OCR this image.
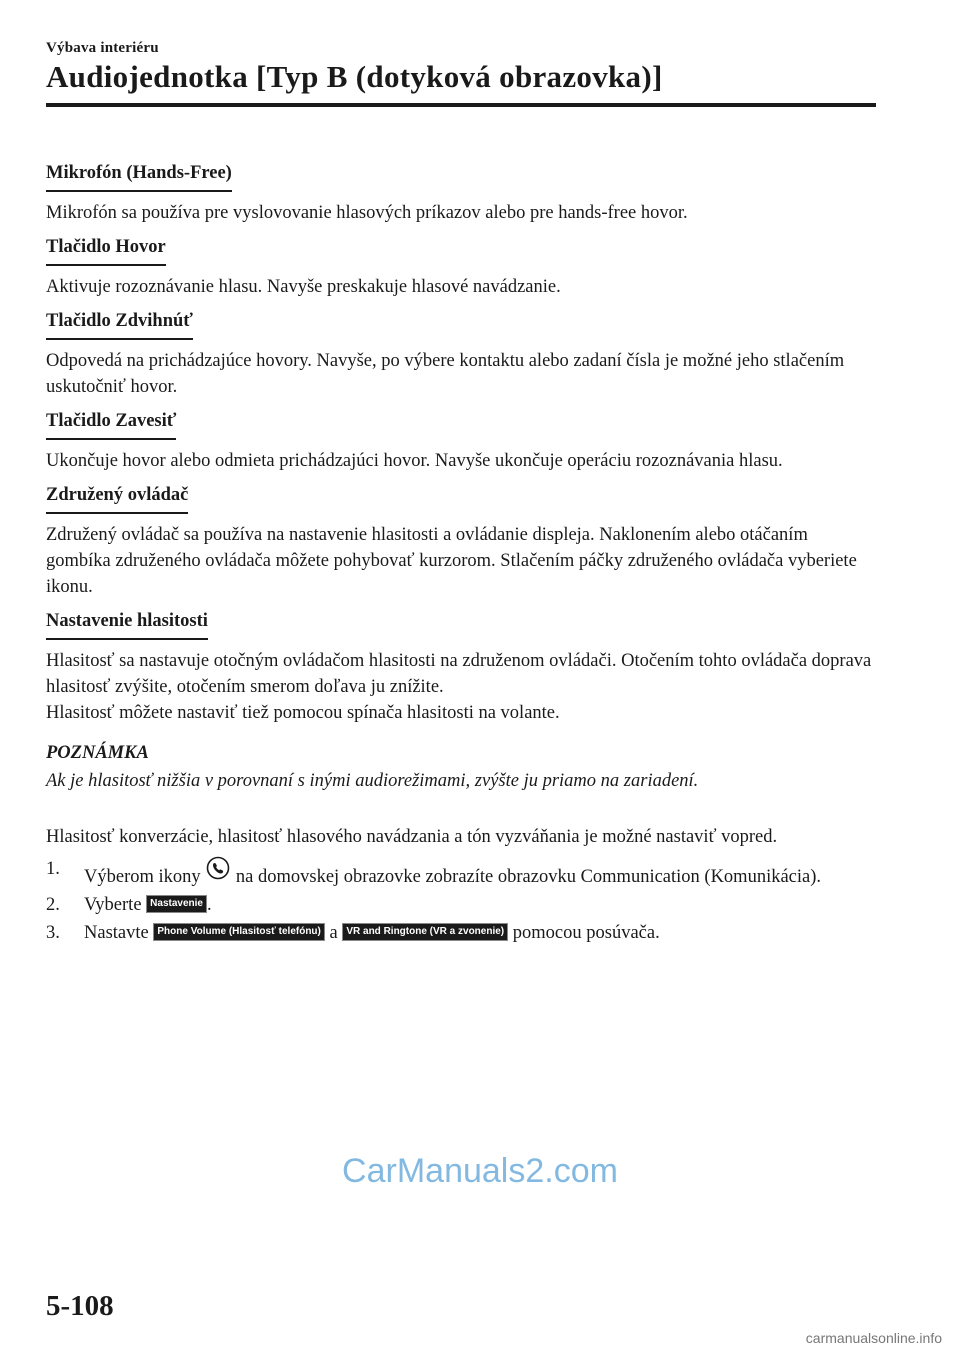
Výbava interiéru
Audiojednotka [Typ B (dotyková obrazovka)]
Mikrofón (Hands-Free)

Mikrofón sa používa pre vyslovovanie hlasových príkazov alebo pre hands-free hovor.

Tlačidlo Hovor

Aktivuje rozoznávanie hlasu. Navyše preskakuje hlasové navádzanie.

Tlačidlo Zdvihnúť

Odpovedá na prichádzajúce hovory. Navyše, po výbere kontaktu alebo zadaní čísla je možné jeho stlačením uskutočniť hovor.

Tlačidlo Zavesiť

Ukončuje hovor alebo odmieta prichádzajúci hovor. Navyše ukončuje operáciu rozoznávania hlasu.

Združený ovládač

Združený ovládač sa používa na nastavenie hlasitosti a ovládanie displeja. Naklonením alebo otáčaním gombíka združeného ovládača môžete pohybovať kurzorom. Stlačením páčky združeného ovládača vyberiete ikonu.

Nastavenie hlasitosti

Hlasitosť sa nastavuje otočným ovládačom hlasitosti na združenom ovládači. Otočením tohto ovládača doprava hlasitosť zvýšite, otočením smerom doľava ju znížite.

Hlasitosť môžete nastaviť tiež pomocou spínača hlasitosti na volante.

POZNÁMKA
Ak je hlasitosť nižšia v porovnaní s inými audiorežimami, zvýšte ju priamo na zariadení.

Hlasitosť konverzácie, hlasitosť hlasového navádzania a tón vyzváňania je možné nastaviť vopred.

1. Výberom ikony na domovskej obrazovke zobrazíte obrazovku Communication (Komunikácia).
2. Vyberte Nastavenie .
3. Nastavte Phone Volume (Hlasitosť telefónu) a VR and Ringtone (VR a zvonenie) pomocou posúvača.
CarManuals2.com
5-108
carmanualsonline.info
